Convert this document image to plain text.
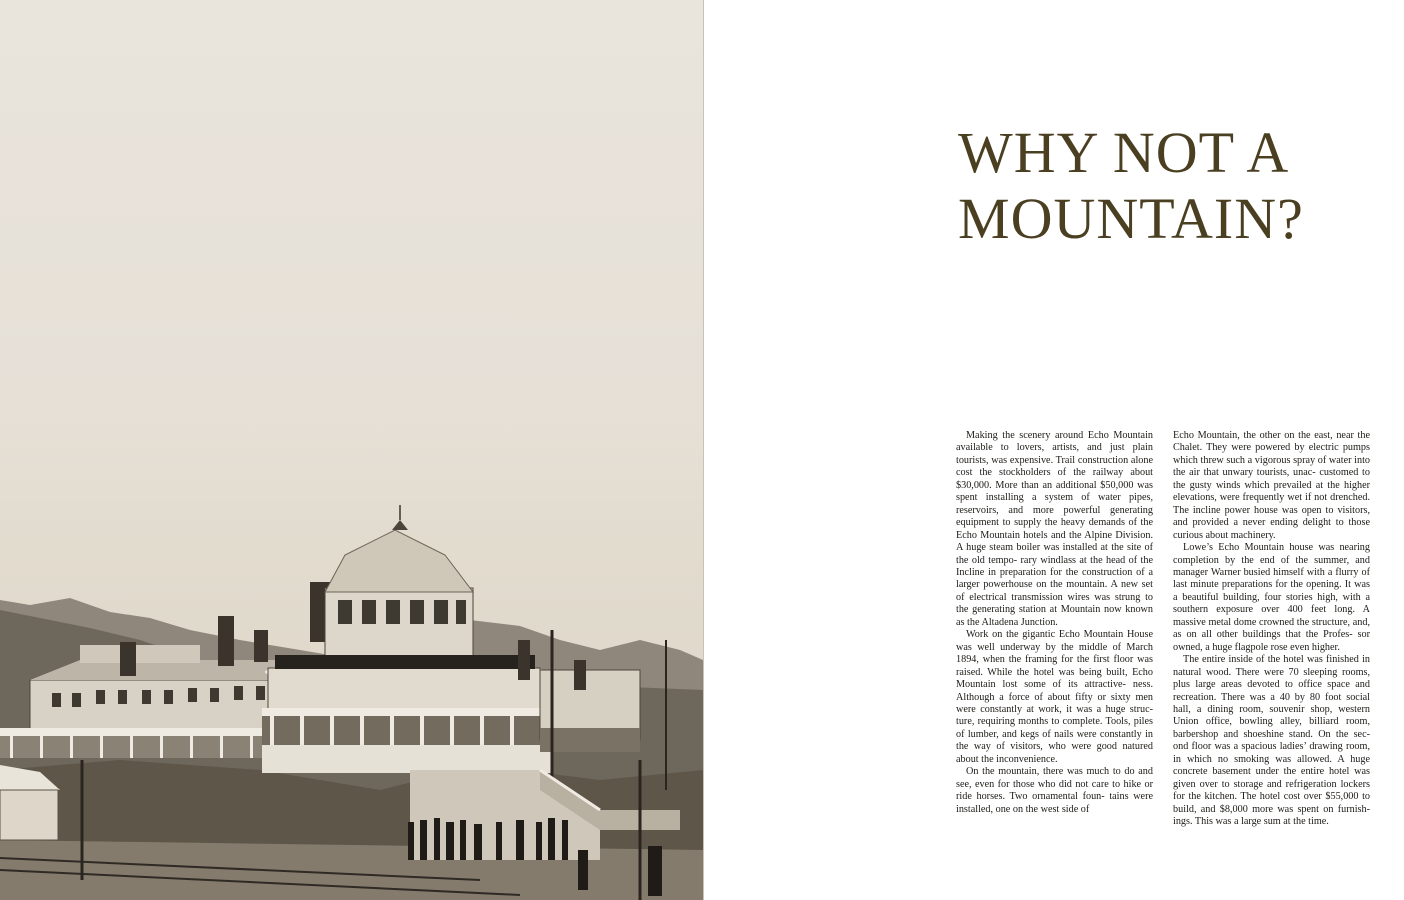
WHY NOT A
MOUNTAIN?

Making the scenery around Echo Mountain available to lovers, artists, and just plain tourists, was expensive. Trail construction alone cost the stockholders of the railway about $30,000. More than an additional $50,000 was spent installing a system of water pipes, reservoirs, and more powerful generating equipment to supply the heavy demands of the Echo Mountain hotels and the Alpine Division. A huge steam boiler was installed at the site of the old tempo- rary windlass at the head of the Incline in preparation for the construction of a larger powerhouse on the mountain. A new set of electrical transmission wires was strung to the generating station at Mountain now known as the Altadena Junction.

Work on the gigantic Echo Mountain House was well underway by the middle of March 1894, when the framing for the first floor was raised. While the hotel was being built, Echo Mountain lost some of its attractive- ness. Although a force of about fifty or sixty men were constantly at work, it was a huge struc- ture, requiring months to complete. Tools, piles of lumber, and kegs of nails were constantly in the way of visitors, who were good natured about the inconvenience.

On the mountain, there was much to do and see, even for those who did not care to hike or ride horses. Two ornamental foun- tains were installed, one on the west side of

Echo Mountain, the other on the east, near the Chalet. They were powered by electric pumps which threw such a vigorous spray of water into the air that unwary tourists, unac- customed to the gusty winds which prevailed at the higher elevations, were frequently wet if not drenched. The incline power house was open to visitors, and provided a never ending delight to those curious about machinery.

Lowe’s Echo Mountain house was nearing completion by the end of the summer, and manager Warner busied himself with a flurry of last minute preparations for the opening. It was a beautiful building, four stories high, with a southern exposure over 400 feet long. A massive metal dome crowned the structure, and, as on all other buildings that the Profes- sor owned, a huge flagpole rose even higher.

The entire inside of the hotel was finished in natural wood. There were 70 sleeping rooms, plus large areas devoted to office space and recreation. There was a 40 by 80 foot social hall, a dining room, souvenir shop, western Union office, bowling alley, billiard room, barbershop and shoeshine stand. On the sec- ond floor was a spacious ladies’ drawing room, in which no smoking was allowed. A huge concrete basement under the entire hotel was given over to storage and refrigeration lockers for the kitchen. The hotel cost over $55,000 to build, and $8,000 more was spent on furnish- ings. This was a large sum at the time.
